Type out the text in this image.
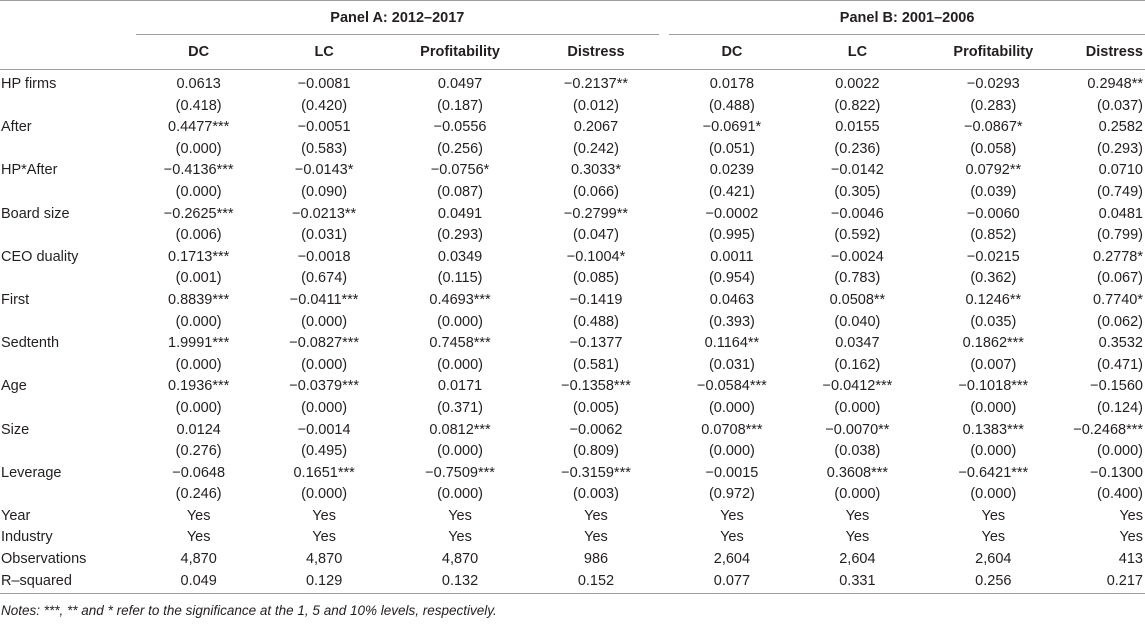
	Panel A: 2012–2017					Panel B: 2001–2006			
	DC	LC	Profitability	Distress		DC	LC	Profitability	Distress
HP firms	0.0613	−0.0081	0.0497	−0.2137**		0.0178	0.0022	−0.0293	0.2948**
	(0.418)	(0.420)	(0.187)	(0.012)		(0.488)	(0.822)	(0.283)	(0.037)
After	0.4477***	−0.0051	−0.0556	0.2067		−0.0691*	0.0155	−0.0867*	0.2582
	(0.000)	(0.583)	(0.256)	(0.242)		(0.051)	(0.236)	(0.058)	(0.293)
HP*After	−0.4136***	−0.0143*	−0.0756*	0.3033*		0.0239	−0.0142	0.0792**	0.0710
	(0.000)	(0.090)	(0.087)	(0.066)		(0.421)	(0.305)	(0.039)	(0.749)
Board size	−0.2625***	−0.0213**	0.0491	−0.2799**		−0.0002	−0.0046	−0.0060	0.0481
	(0.006)	(0.031)	(0.293)	(0.047)		(0.995)	(0.592)	(0.852)	(0.799)
CEO duality	0.1713***	−0.0018	0.0349	−0.1004*		0.0011	−0.0024	−0.0215	0.2778*
	(0.001)	(0.674)	(0.115)	(0.085)		(0.954)	(0.783)	(0.362)	(0.067)
First	0.8839***	−0.0411***	0.4693***	−0.1419		0.0463	0.0508**	0.1246**	0.7740*
	(0.000)	(0.000)	(0.000)	(0.488)		(0.393)	(0.040)	(0.035)	(0.062)
Sedtenth	1.9991***	−0.0827***	0.7458***	−0.1377		0.1164**	0.0347	0.1862***	0.3532
	(0.000)	(0.000)	(0.000)	(0.581)		(0.031)	(0.162)	(0.007)	(0.471)
Age	0.1936***	−0.0379***	0.0171	−0.1358***		−0.0584***	−0.0412***	−0.1018***	−0.1560
	(0.000)	(0.000)	(0.371)	(0.005)		(0.000)	(0.000)	(0.000)	(0.124)
Size	0.0124	−0.0014	0.0812***	−0.0062		0.0708***	−0.0070**	0.1383***	−0.2468***
	(0.276)	(0.495)	(0.000)	(0.809)		(0.000)	(0.038)	(0.000)	(0.000)
Leverage	−0.0648	0.1651***	−0.7509***	−0.3159***		−0.0015	0.3608***	−0.6421***	−0.1300
	(0.246)	(0.000)	(0.000)	(0.003)		(0.972)	(0.000)	(0.000)	(0.400)
Year	Yes	Yes	Yes	Yes		Yes	Yes	Yes	Yes
Industry	Yes	Yes	Yes	Yes		Yes	Yes	Yes	Yes
Observations	4,870	4,870	4,870	986		2,604	2,604	2,604	413
R–squared	0.049	0.129	0.132	0.152		0.077	0.331	0.256	0.217
Notes: ***, ** and * refer to the significance at the 1, 5 and 10% levels, respectively.
